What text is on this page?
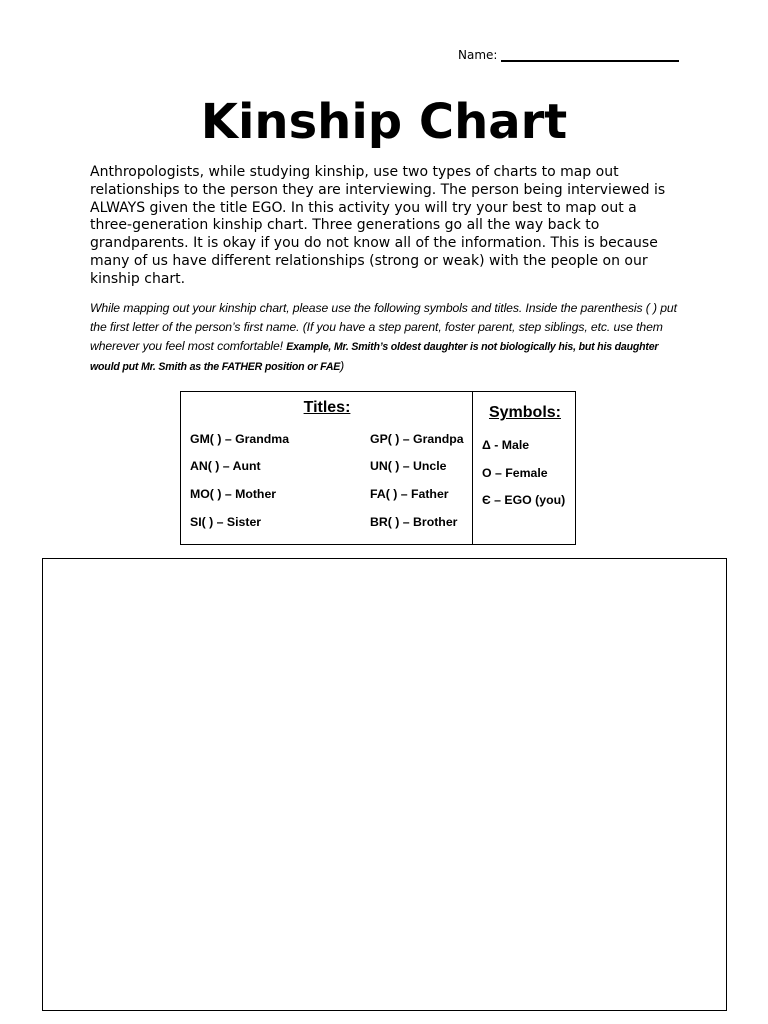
Name:
Kinship Chart
Anthropologists, while studying kinship, use two types of charts to map out relationships to the person they are interviewing. The person being interviewed is ALWAYS given the title EGO. In this activity you will try your best to map out a three-generation kinship chart. Three generations go all the way back to grandparents. It is okay if you do not know all of the information. This is because many of us have different relationships (strong or weak) with the people on our kinship chart.
While mapping out your kinship chart, please use the following symbols and titles. Inside the parenthesis ( ) put the first letter of the person’s first name. (If you have a step parent, foster parent, step siblings, etc. use them wherever you feel most comfortable! Example, Mr. Smith’s oldest daughter is not biologically his, but his daughter would put Mr. Smith as the FATHER position or FAE)
Titles:
GM( ) – Grandma	GP( ) – Grandpa
AN( ) – Aunt	UN( ) – Uncle
MO( ) – Mother	FA( ) – Father
SI( ) – Sister	BR( ) – Brother
Symbols:
Δ - Male
O – Female
Є – EGO (you)
